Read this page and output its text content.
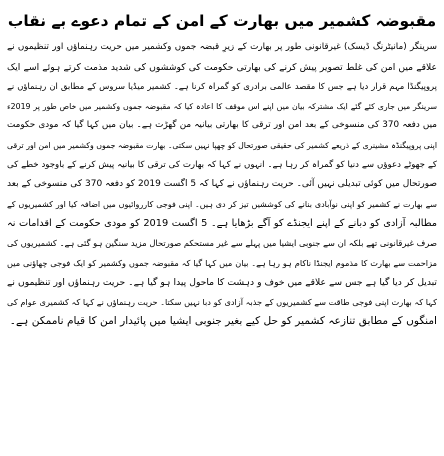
مقبوضہ کشمیر میں بھارت کے امن کے تمام دعوے بے نقاب
سرینگر (مانیٹرنگ ڈیسک) غیرقانونی طور پر بھارت کے زیرِ قبضہ جموں وکشمیر میں حریت رہنماؤں اور تنظیموں نے
علاقے میں امن کی غلط تصویر پیش کرنے کی بھارتی حکومت کی کوششوں کی شدید مذمت کرتے ہوئے اسے ایک
پروپیگنڈا مہم قرار دیا ہے جس کا مقصد عالمی برادری کو گمراہ کرنا ہے۔ کشمیر میڈیا سروس کے مطابق ان رہنماؤں نے
سرینگر میں جاری کئے گئے ایک مشترکہ بیان میں اپنے اس موقف کا اعادہ کیا کہ مقبوضہ جموں وکشمیر میں خاص طور پر 2019ء
میں دفعہ 370 کی منسوخی کے بعد امن اور ترقی کا بھارتی بیانیہ من گھڑت ہے۔ بیان میں کہا گیا کہ مودی حکومت
اپنی پروپیگنڈہ مشینری کے ذریعے کشمیر کی حقیقی صورتحال کو چھپا نہیں سکتی۔ بھارت مقبوضہ جموں وکشمیر میں امن اور ترقی
کے جھوٹے دعوؤں سے دنیا کو گمراہ کر رہا ہے۔ انہوں نے کہا کہ بھارت کی ترقی کا بیانیہ پیش کرنے کے باوجود خطے کی
صورتحال میں کوئی تبدیلی نہیں آئی۔ حریت رہنماؤں نے کہا کہ 5 اگست 2019 کو دفعہ 370 کی منسوخی کے بعد
سے بھارت نے کشمیر کو اپنی نوآبادی بنانے کی کوششیں تیز کر دی ہیں۔ اپنی فوجی کارروائیوں میں اضافہ کیا اور کشمیریوں کے
مطالبہ آزادی کو دبانے کے اپنے ایجنڈے کو آگے بڑھایا ہے۔ 5 اگست 2019 کو مودی حکومت کے اقدامات نہ
صرف غیرقانونی تھے بلکہ ان سے جنوبی ایشیا میں پہلے سے غیر مستحکم صورتحال مزید سنگین ہو گئی ہے۔ کشمیریوں کی
مزاحمت سے بھارت کا مذموم ایجنڈا ناکام ہو رہا ہے۔ بیان میں کہا گیا کہ مقبوضہ جموں وکشمیر کو ایک فوجی چھاؤنی میں
تبدیل کر دیا گیا ہے جس سے علاقے میں خوف و دہشت کا ماحول پیدا ہو گیا ہے۔ حریت رہنماؤں اور تنظیموں نے
کہا کہ بھارت اپنی فوجی طاقت سے کشمیریوں کے جذبہ آزادی کو دبا نہیں سکتا۔ حریت رہنماؤں نے کہا کہ کشمیری عوام کی
امنگوں کے مطابق تنازعہ کشمیر کو حل کیے بغیر جنوبی ایشیا میں پائیدار امن کا قیام ناممکن ہے۔
